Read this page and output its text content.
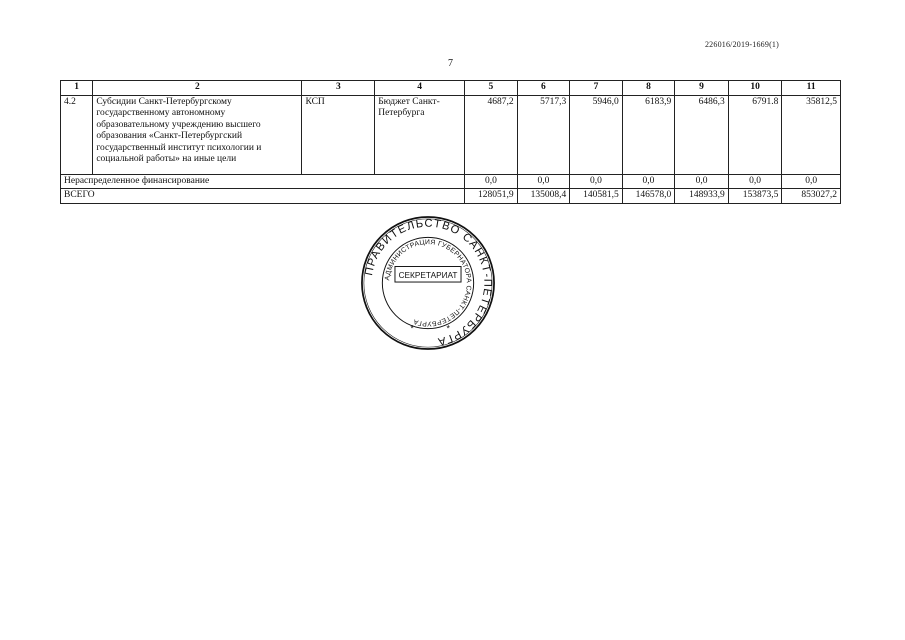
226016/2019-1669(1)
7
1	2	3	4	5	6	7	8	9	10	11
4.2	Субсидии Санкт-Петербургскому государственному автономному образовательному учреждению высшего образования «Санкт-Петербургский государственный институт психологии и социальной работы» на иные цели	КСП	Бюджет Санкт-Петербурга	4687,2	5717,3	5946,0	6183,9	6486,3	6791.8	35812,5
Нераспределенное финансирование				0,0	0,0	0,0	0,0	0,0	0,0	0,0
ВСЕГО				128051,9	135008,4	140581,5	146578,0	148933,9	153873,5	853027,2
ПРАВИТЕЛЬСТВО САНКТ-ПЕТЕРБУРГА
АДМИНИСТРАЦИЯ ГУБЕРНАТОРА САНКТ-ПЕТЕРБУРГА
СЕКРЕТАРИАТ
*	*
